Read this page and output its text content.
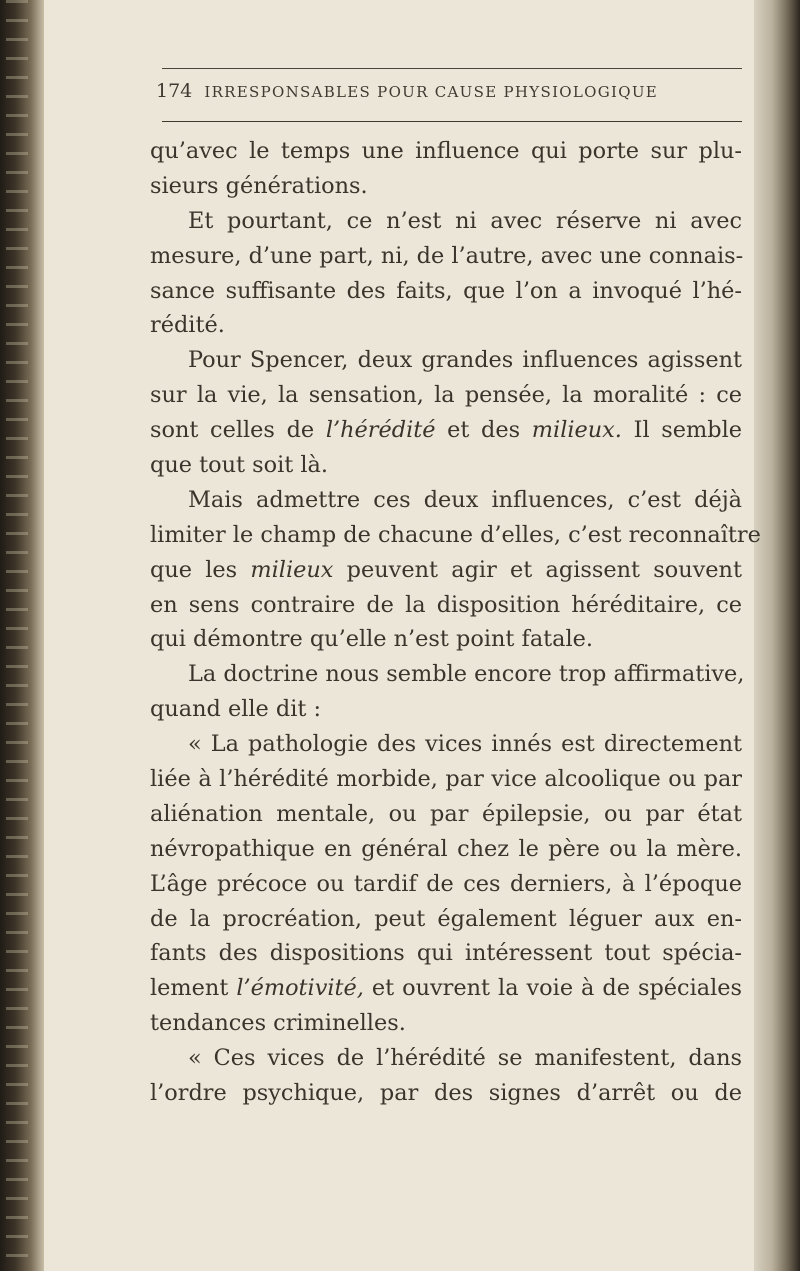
174 IRRESPONSABLES POUR CAUSE PHYSIOLOGIQUE
qu’avec le temps une influence qui porte sur plu-
sieurs générations.
Et pourtant, ce n’est ni avec réserve ni avec
mesure, d’une part, ni, de l’autre, avec une connais-
sance suffisante des faits, que l’on a invoqué l’hé-
rédité.
Pour Spencer, deux grandes influences agissent
sur la vie, la sensation, la pensée, la moralité : ce
sont celles de l’hérédité et des milieux. Il semble
que tout soit là.
Mais admettre ces deux influences, c’est déjà
limiter le champ de chacune d’elles, c’est reconnaître
que les milieux peuvent agir et agissent souvent
en sens contraire de la disposition héréditaire, ce
qui démontre qu’elle n’est point fatale.
La doctrine nous semble encore trop affirmative,
quand elle dit :
« La pathologie des vices innés est directement
liée à l’hérédité morbide, par vice alcoolique ou par
aliénation mentale, ou par épilepsie, ou par état
névropathique en général chez le père ou la mère.
L’âge précoce ou tardif de ces derniers, à l’époque
de la procréation, peut également léguer aux en-
fants des dispositions qui intéressent tout spécia-
lement l’émotivité, et ouvrent la voie à de spéciales
tendances criminelles.
« Ces vices de l’hérédité se manifestent, dans
l’ordre psychique, par des signes d’arrêt ou de
